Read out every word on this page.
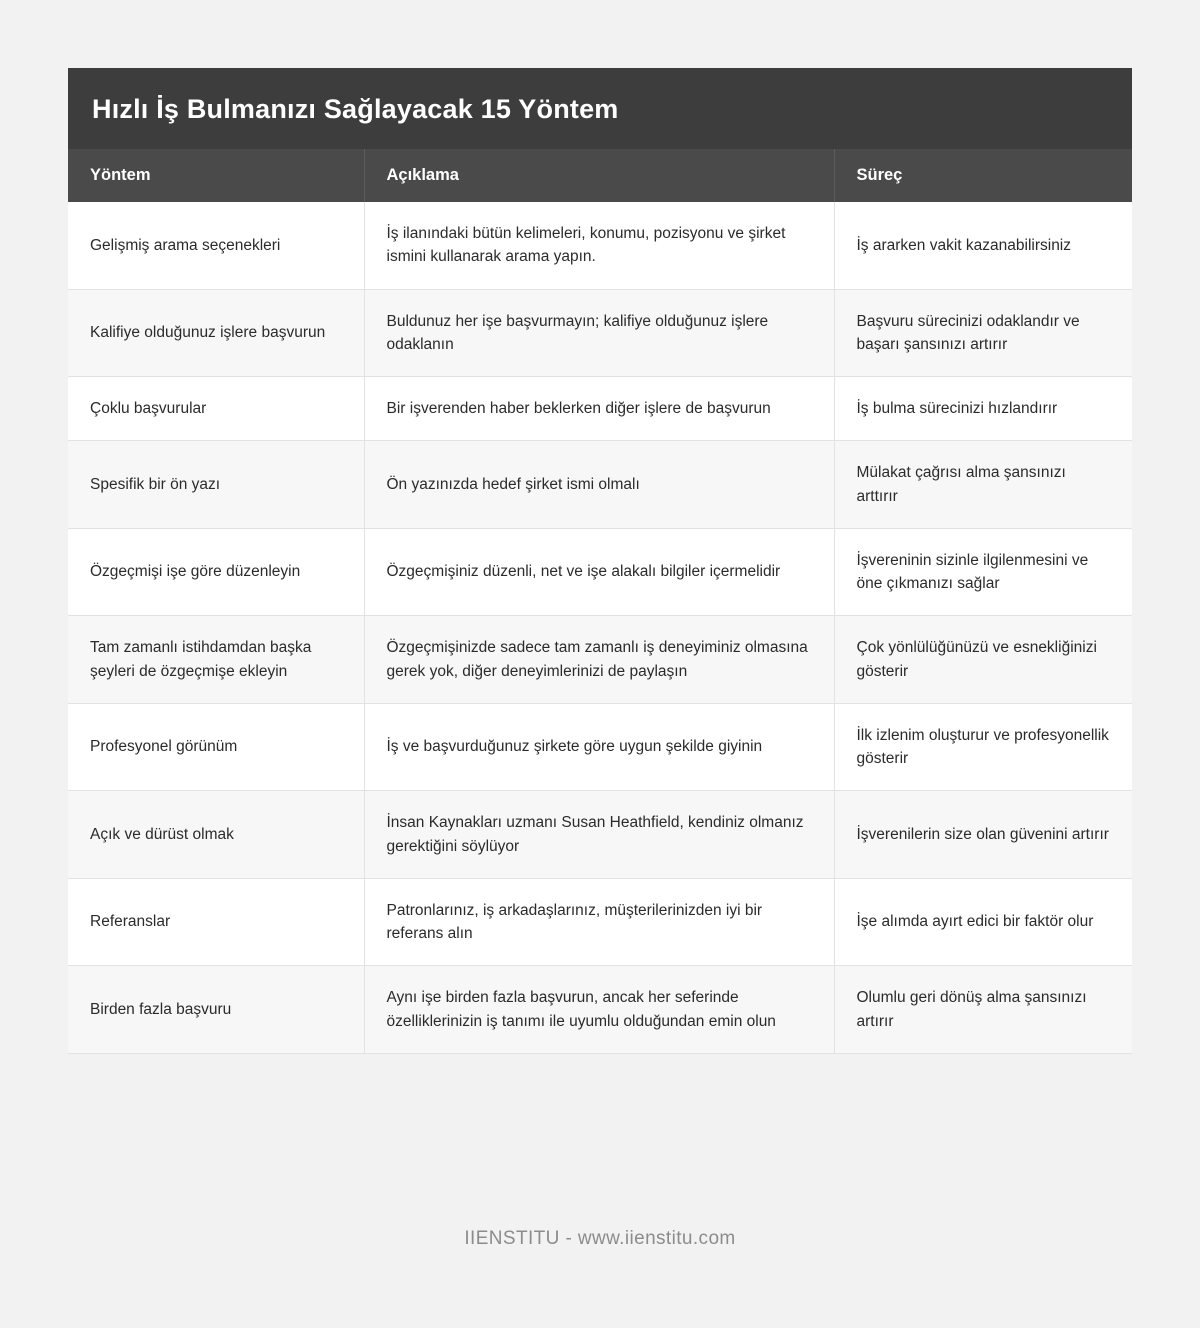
Hızlı İş Bulmanızı Sağlayacak 15 Yöntem
Yöntem	Açıklama	Süreç
Gelişmiş arama seçenekleri	İş ilanındaki bütün kelimeleri, konumu, pozisyonu ve şirket ismini kullanarak arama yapın.	İş ararken vakit kazanabilirsiniz
Kalifiye olduğunuz işlere başvurun	Buldunuz her işe başvurmayın; kalifiye olduğunuz işlere odaklanın	Başvuru sürecinizi odaklandır ve başarı şansınızı artırır
Çoklu başvurular	Bir işverenden haber beklerken diğer işlere de başvurun	İş bulma sürecinizi hızlandırır
Spesifik bir ön yazı	Ön yazınızda hedef şirket ismi olmalı	Mülakat çağrısı alma şansınızı arttırır
Özgeçmişi işe göre düzenleyin	Özgeçmişiniz düzenli, net ve işe alakalı bilgiler içermelidir	İşvereninin sizinle ilgilenmesini ve öne çıkmanızı sağlar
Tam zamanlı istihdamdan başka şeyleri de özgeçmişe ekleyin	Özgeçmişinizde sadece tam zamanlı iş deneyiminiz olmasına gerek yok, diğer deneyimlerinizi de paylaşın	Çok yönlülüğünüzü ve esnekliğinizi gösterir
Profesyonel görünüm	İş ve başvurduğunuz şirkete göre uygun şekilde giyinin	İlk izlenim oluşturur ve profesyonellik gösterir
Açık ve dürüst olmak	İnsan Kaynakları uzmanı Susan Heathfield, kendiniz olmanız gerektiğini söylüyor	İşverenilerin size olan güvenini artırır
Referanslar	Patronlarınız, iş arkadaşlarınız, müşterilerinizden iyi bir referans alın	İşe alımda ayırt edici bir faktör olur
Birden fazla başvuru	Aynı işe birden fazla başvurun, ancak her seferinde özelliklerinizin iş tanımı ile uyumlu olduğundan emin olun	Olumlu geri dönüş alma şansınızı artırır
IIENSTITU - www.iienstitu.com
